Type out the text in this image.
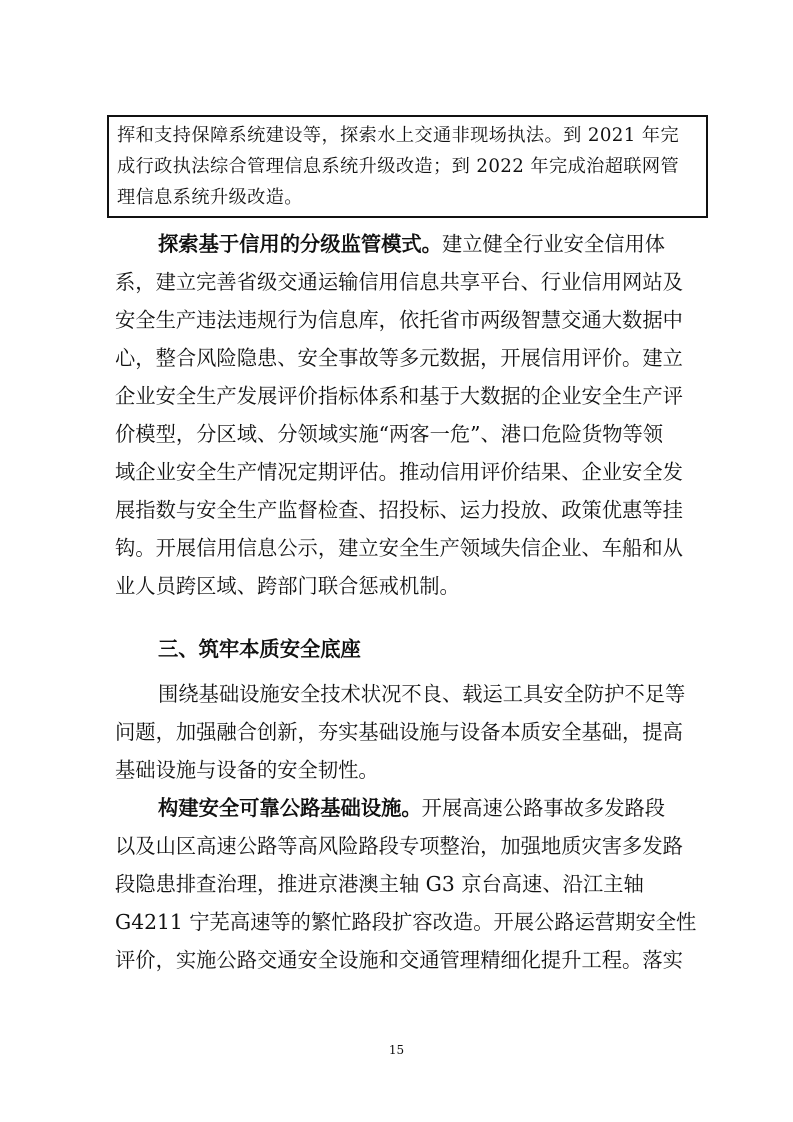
挥和支持保障系统建设等，探索水上交通非现场执法。到 2021 年完
成行政执法综合管理信息系统升级改造；到 2022 年完成治超联网管
理信息系统升级改造。
探索基于信用的分级监管模式。建立健全行业安全信用体
系，建立完善省级交通运输信用信息共享平台、行业信用网站及
安全生产违法违规行为信息库，依托省市两级智慧交通大数据中
心，整合风险隐患、安全事故等多元数据，开展信用评价。建立
企业安全生产发展评价指标体系和基于大数据的企业安全生产评
价模型，分区域、分领域实施“两客一危”、港口危险货物等领
域企业安全生产情况定期评估。推动信用评价结果、企业安全发
展指数与安全生产监督检查、招投标、运力投放、政策优惠等挂
钩。开展信用信息公示，建立安全生产领域失信企业、车船和从
业人员跨区域、跨部门联合惩戒机制。
三、筑牢本质安全底座
围绕基础设施安全技术状况不良、载运工具安全防护不足等
问题，加强融合创新，夯实基础设施与设备本质安全基础，提高
基础设施与设备的安全韧性。
构建安全可靠公路基础设施。开展高速公路事故多发路段
以及山区高速公路等高风险路段专项整治，加强地质灾害多发路
段隐患排查治理，推进京港澳主轴 G3 京台高速、沿江主轴
G4211 宁芜高速等的繁忙路段扩容改造。开展公路运营期安全性
评价，实施公路交通安全设施和交通管理精细化提升工程。落实
15
